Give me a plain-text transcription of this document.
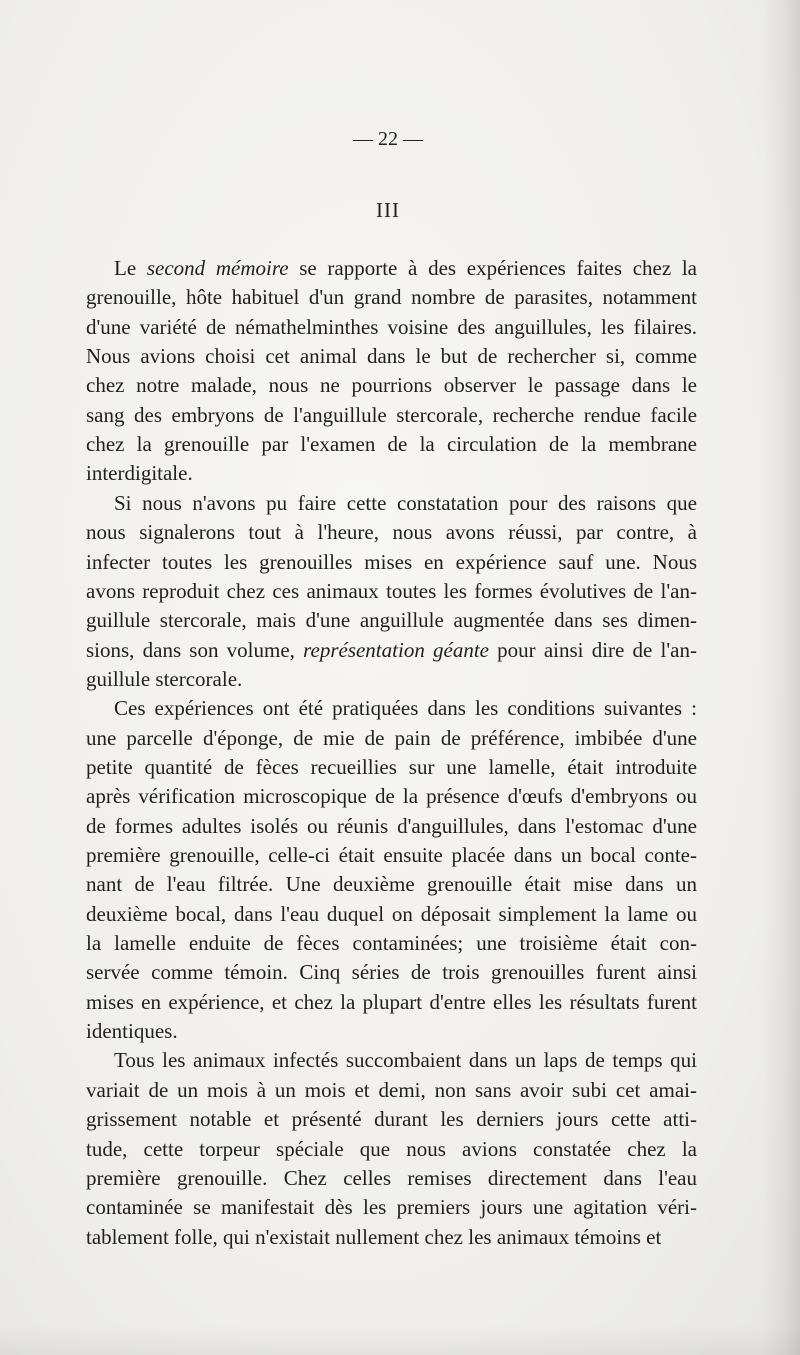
— 22 —
III
Le second mémoire se rapporte à des expériences faites chez la
grenouille, hôte habituel d'un grand nombre de parasites, notamment
d'une variété de némathelminthes voisine des anguillules, les filaires.
Nous avions choisi cet animal dans le but de rechercher si, comme
chez notre malade, nous ne pourrions observer le passage dans le
sang des embryons de l'anguillule stercorale, recherche rendue facile
chez la grenouille par l'examen de la circulation de la membrane
interdigitale.
Si nous n'avons pu faire cette constatation pour des raisons que
nous signalerons tout à l'heure, nous avons réussi, par contre, à
infecter toutes les grenouilles mises en expérience sauf une. Nous
avons reproduit chez ces animaux toutes les formes évolutives de l'an-
guillule stercorale, mais d'une anguillule augmentée dans ses dimen-
sions, dans son volume, représentation géante pour ainsi dire de l'an-
guillule stercorale.
Ces expériences ont été pratiquées dans les conditions suivantes :
une parcelle d'éponge, de mie de pain de préférence, imbibée d'une
petite quantité de fèces recueillies sur une lamelle, était introduite
après vérification microscopique de la présence d'œufs d'embryons ou
de formes adultes isolés ou réunis d'anguillules, dans l'estomac d'une
première grenouille, celle-ci était ensuite placée dans un bocal conte-
nant de l'eau filtrée. Une deuxième grenouille était mise dans un
deuxième bocal, dans l'eau duquel on déposait simplement la lame ou
la lamelle enduite de fèces contaminées; une troisième était con-
servée comme témoin. Cinq séries de trois grenouilles furent ainsi
mises en expérience, et chez la plupart d'entre elles les résultats furent
identiques.
Tous les animaux infectés succombaient dans un laps de temps qui
variait de un mois à un mois et demi, non sans avoir subi cet amai-
grissement notable et présenté durant les derniers jours cette atti-
tude, cette torpeur spéciale que nous avions constatée chez la
première grenouille. Chez celles remises directement dans l'eau
contaminée se manifestait dès les premiers jours une agitation véri-
tablement folle, qui n'existait nullement chez les animaux témoins et
